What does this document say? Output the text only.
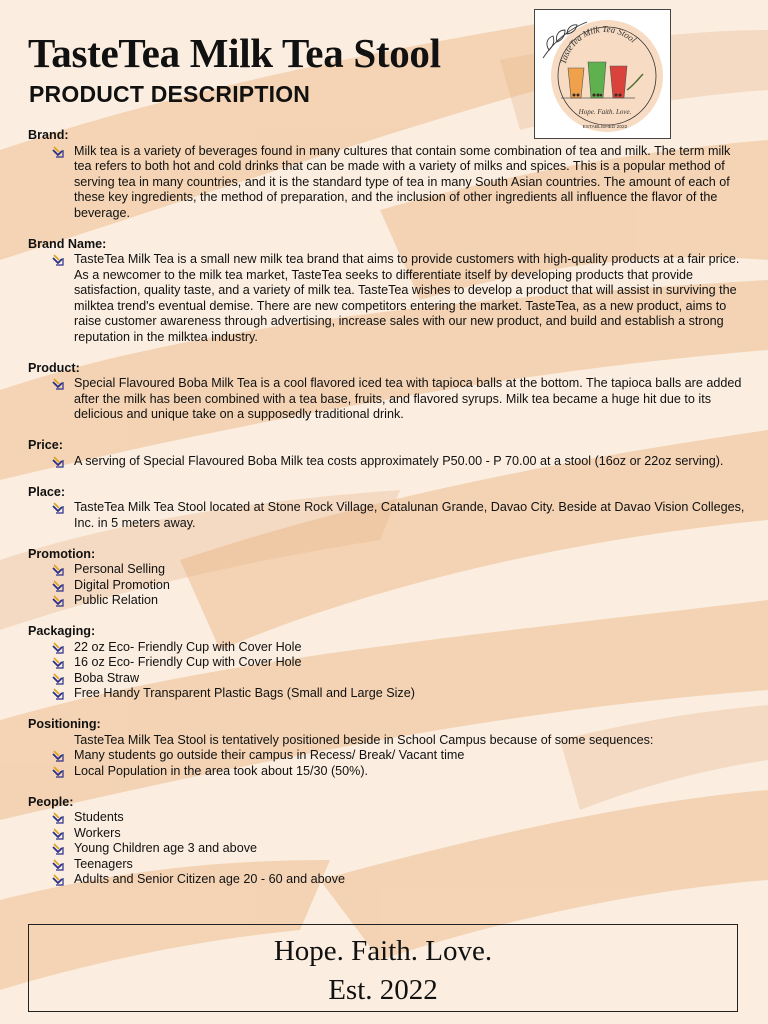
TasteTea Milk Tea Stool
PRODUCT DESCRIPTION
TasteTea Milk Tea Stool
Hope. Faith. Love.
ESTABLISHED 2022
Brand:
Milk tea is a variety of beverages found in many cultures that contain some combination of tea and milk. The term milk tea refers to both hot and cold drinks that can be made with a variety of milks and spices. This is a popular method of serving tea in many countries, and it is the standard type of tea in many South Asian countries. The amount of each of these key ingredients, the method of preparation, and the inclusion of other ingredients all influence the flavor of the beverage.
Brand Name:
TasteTea Milk Tea is a small new milk tea brand that aims to provide customers with high-quality products at a fair price. As a newcomer to the milk tea market, TasteTea seeks to differentiate itself by developing products that provide satisfaction, quality taste, and a variety of milk tea. TasteTea wishes to develop a product that will assist in surviving the milktea trend's eventual demise. There are new competitors entering the market. TasteTea, as a new product, aims to raise customer awareness through advertising, increase sales with our new product, and build and establish a strong reputation in the milktea industry.
Product:
Special Flavoured Boba Milk Tea is a cool flavored iced tea with tapioca balls at the bottom. The tapioca balls are added after the milk has been combined with a tea base, fruits, and flavored syrups. Milk tea became a huge hit due to its delicious and unique take on a supposedly traditional drink.
Price:
A serving of Special Flavoured Boba Milk tea costs approximately P50.00 - P 70.00 at a stool (16oz or 22oz serving).
Place:
TasteTea Milk Tea Stool located at Stone Rock Village, Catalunan Grande, Davao City. Beside at Davao Vision Colleges, Inc. in 5 meters away.
Promotion:
Personal Selling
Digital Promotion
Public Relation
Packaging:
22 oz Eco- Friendly Cup with Cover Hole
16 oz Eco- Friendly Cup with Cover Hole
Boba Straw
Free Handy Transparent Plastic Bags (Small and Large Size)
Positioning:
TasteTea Milk Tea Stool is tentatively positioned beside in School Campus because of some sequences:
Many students go outside their campus in Recess/ Break/ Vacant time
Local Population in the area took about 15/30 (50%).
People:
Students
Workers
Young Children age 3 and above
Teenagers
Adults and Senior Citizen age 20 - 60 and above
Hope. Faith. Love.
Est. 2022
